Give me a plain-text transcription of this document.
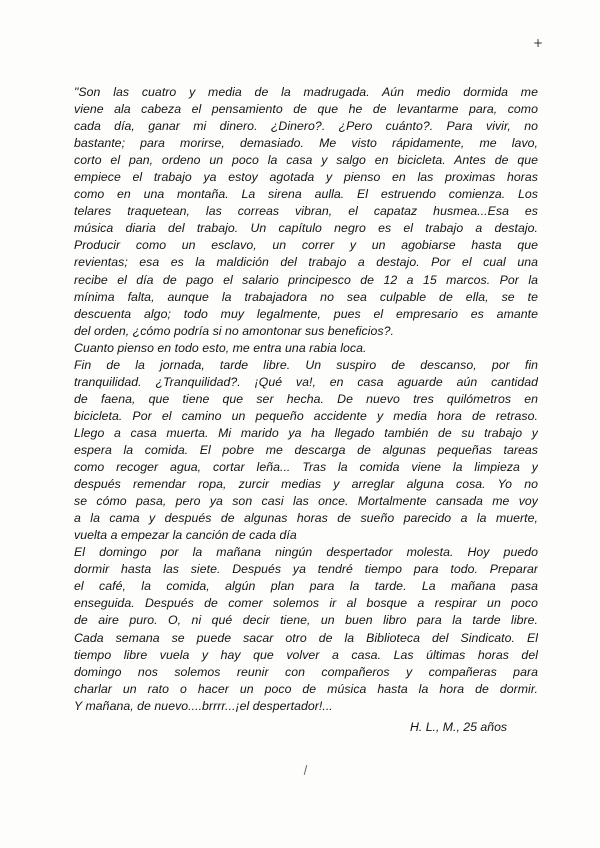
+
"Son las cuatro y media de la madrugada. Aún medio dormida me
viene ala cabeza el pensamiento de que he de levantarme para, como
cada día, ganar mi dinero. ¿Dinero?. ¿Pero cuánto?. Para vivir, no
bastante; para morirse, demasiado. Me visto rápidamente, me lavo,
corto el pan, ordeno un poco la casa y salgo en bicicleta. Antes de que
empiece el trabajo ya estoy agotada y pienso en las proximas horas
como en una montaña. La sirena aulla. El estruendo comienza. Los
telares traquetean, las correas vibran, el capataz husmea...Esa es
música diaria del trabajo. Un capítulo negro es el trabajo a destajo.
Producir como un esclavo, un correr y un agobiarse hasta que
revientas; esa es la maldición del trabajo a destajo. Por el cual una
recibe el día de pago el salario principesco de 12 a 15 marcos. Por la
mínima falta, aunque la trabajadora no sea culpable de ella, se te
descuenta algo; todo muy legalmente, pues el empresario es amante
del orden, ¿cómo podría si no amontonar sus beneficios?.
Cuanto pienso en todo esto, me entra una rabia loca.
Fin de la jornada, tarde libre. Un suspiro de descanso, por fin
tranquilidad. ¿Tranquilidad?. ¡Qué va!, en casa aguarde aún cantidad
de faena, que tiene que ser hecha. De nuevo tres quilómetros en
bicicleta. Por el camino un pequeño accidente y media hora de retraso.
Llego a casa muerta. Mi marido ya ha llegado también de su trabajo y
espera la comida. El pobre me descarga de algunas pequeñas tareas
como recoger agua, cortar leña... Tras la comida viene la limpieza y
después remendar ropa, zurcir medias y arreglar alguna cosa. Yo no
se cómo pasa, pero ya son casi las once. Mortalmente cansada me voy
a la cama y después de algunas horas de sueño parecido a la muerte,
vuelta a empezar la canción de cada día
El domingo por la mañana ningún despertador molesta. Hoy puedo
dormir hasta las siete. Después ya tendré tiempo para todo. Preparar
el café, la comida, algún plan para la tarde. La mañana pasa
enseguida. Después de comer solemos ir al bosque a respirar un poco
de aire puro. O, ni qué decir tiene, un buen libro para la tarde libre.
Cada semana se puede sacar otro de la Biblioteca del Sindicato. El
tiempo libre vuela y hay que volver a casa. Las últimas horas del
domingo nos solemos reunir con compañeros y compañeras para
charlar un rato o hacer un poco de música hasta la hora de dormir.
Y mañana, de nuevo....brrrr...¡el despertador!...
H. L., M., 25 años
